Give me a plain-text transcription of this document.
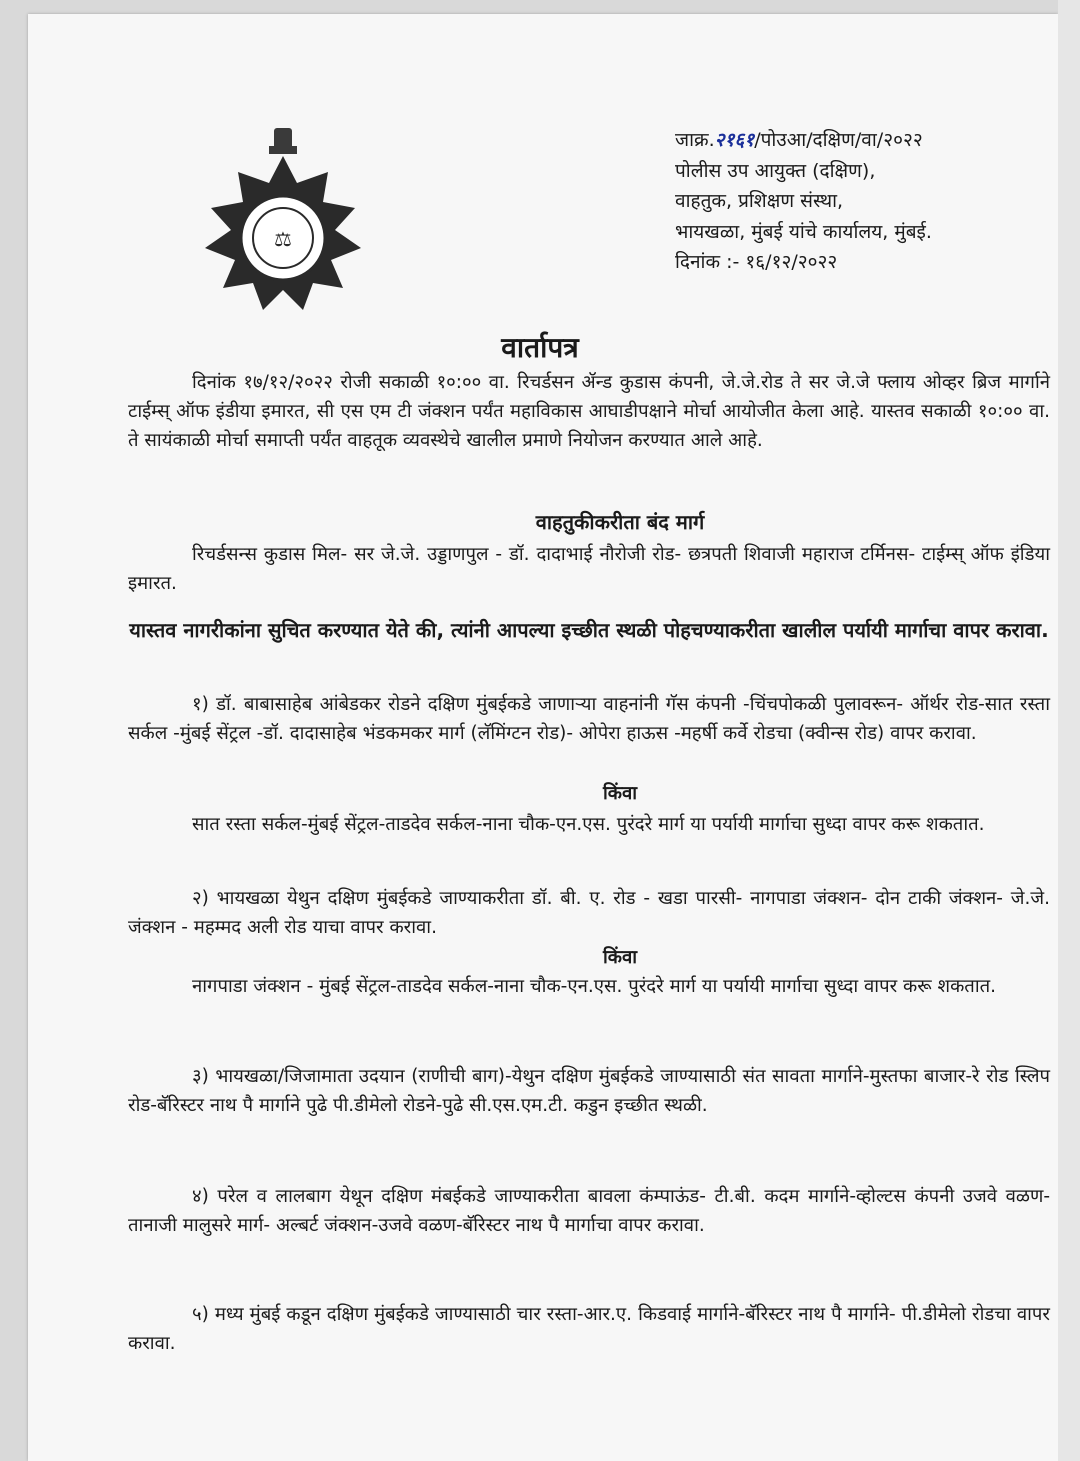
⚖
जाक्र.२१६१/पोउआ/दक्षिण/वा/२०२२
पोलीस उप आयुक्त (दक्षिण),
वाहतुक, प्रशिक्षण संस्था,
भायखळा, मुंबई यांचे कार्यालय, मुंबई.
दिनांक :- १६/१२/२०२२
वार्तापत्र
दिनांक १७/१२/२०२२ रोजी सकाळी १०:०० वा. रिचर्डसन ॲन्ड कुडास कंपनी, जे.जे.रोड ते सर जे.जे फ्लाय ओव्हर ब्रिज मार्गाने टाईम्स् ऑफ इंडीया इमारत, सी एस एम टी जंक्शन पर्यंत महाविकास आघाडीपक्षाने मोर्चा आयोजीत केला आहे. यास्तव सकाळी १०:०० वा. ते सायंकाळी मोर्चा समाप्ती पर्यंत वाहतूक व्यवस्थेचे खालील प्रमाणे नियोजन करण्यात आले आहे.
वाहतुकीकरीता बंद मार्ग
रिचर्डसन्स कुडास मिल- सर जे.जे. उड्डाणपुल - डॉ. दादाभाई नौरोजी रोड- छत्रपती शिवाजी महाराज टर्मिनस- टाईम्स् ऑफ इंडिया इमारत.
यास्तव नागरीकांना सुचित करण्यात येते की, त्यांनी आपल्या इच्छीत स्थळी पोहचण्याकरीता खालील पर्यायी मार्गाचा वापर करावा.
१) डॉ. बाबासाहेब आंबेडकर रोडने दक्षिण मुंबईकडे जाणाऱ्या वाहनांनी गॅस कंपनी -चिंचपोकळी पुलावरून- ऑर्थर रोड-सात रस्ता सर्कल -मुंबई सेंट्रल -डॉ. दादासाहेब भंडकमकर मार्ग (लॅमिंग्टन रोड)- ओपेरा हाऊस -महर्षी कर्वे रोडचा (क्वीन्स रोड) वापर करावा.
किंवा
सात रस्ता सर्कल-मुंबई सेंट्रल-ताडदेव सर्कल-नाना चौक-एन.एस. पुरंदरे मार्ग या पर्यायी मार्गाचा सुध्दा वापर करू शकतात.
२) भायखळा येथुन दक्षिण मुंबईकडे जाण्याकरीता डॉ. बी. ए. रोड - खडा पारसी- नागपाडा जंक्शन- दोन टाकी जंक्शन- जे.जे. जंक्शन - महम्मद अली रोड याचा वापर करावा.
किंवा
नागपाडा जंक्शन - मुंबई सेंट्रल-ताडदेव सर्कल-नाना चौक-एन.एस. पुरंदरे मार्ग या पर्यायी मार्गाचा सुध्दा वापर करू शकतात.
३) भायखळा/जिजामाता उदयान (राणीची बाग)-येथुन दक्षिण मुंबईकडे जाण्यासाठी संत सावता मार्गाने-मुस्तफा बाजार-रे रोड स्लिप रोड-बॅरिस्टर नाथ पै मार्गाने पुढे पी.डीमेलो रोडने-पुढे सी.एस.एम.टी. कडुन इच्छीत स्थळी.
४) परेल व लालबाग येथून दक्षिण मंबईकडे जाण्याकरीता बावला कंम्पाऊंड- टी.बी. कदम मार्गाने-व्होल्टस कंपनी उजवे वळण- तानाजी मालुसरे मार्ग- अल्बर्ट जंक्शन-उजवे वळण-बॅरिस्टर नाथ पै मार्गाचा वापर करावा.
५) मध्य मुंबई कडून दक्षिण मुंबईकडे जाण्यासाठी चार रस्ता-आर.ए. किडवाई मार्गाने-बॅरिस्टर नाथ पै मार्गाने- पी.डीमेलो रोडचा वापर करावा.
